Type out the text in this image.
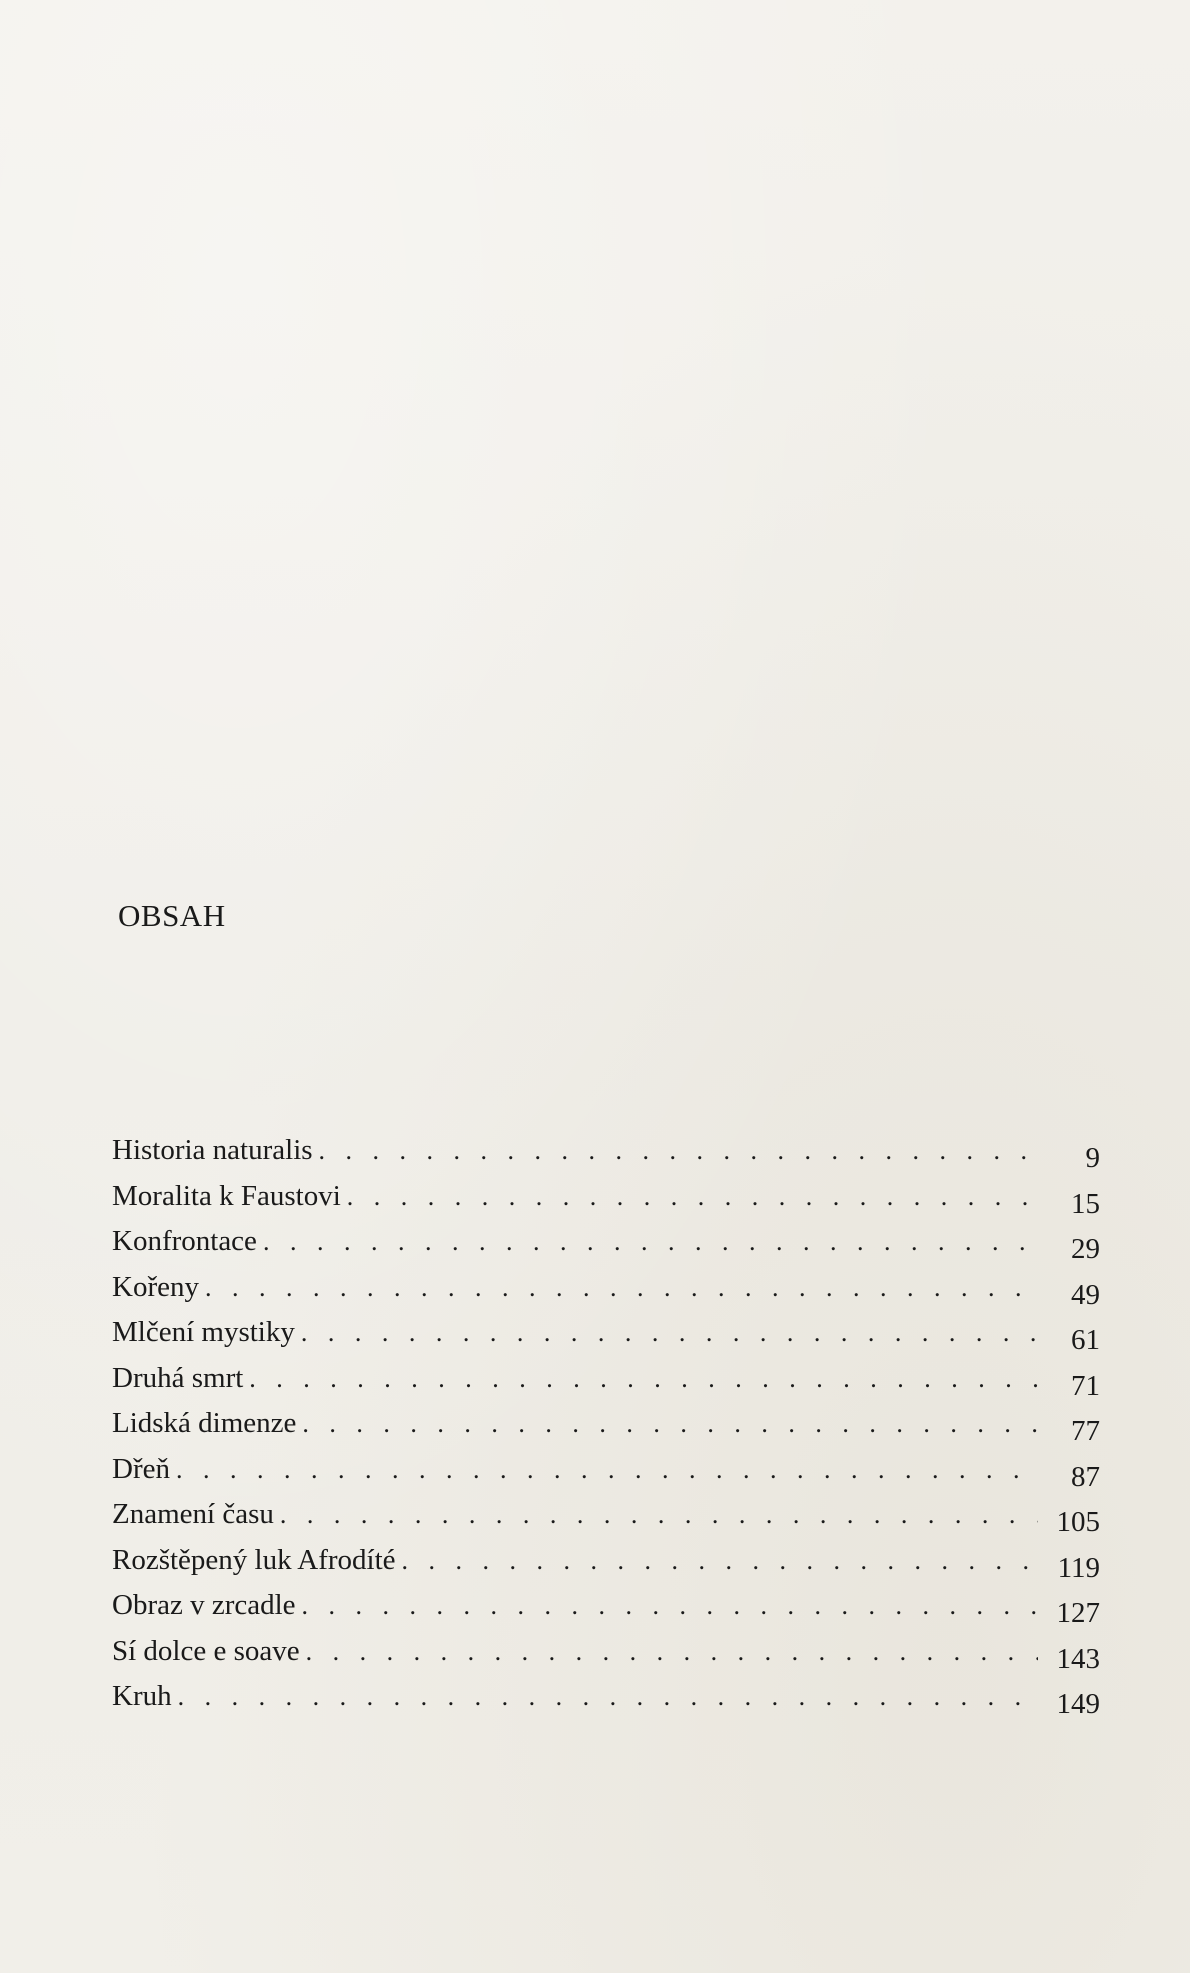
OBSAH
Historia naturalis . . .	9
Moralita k Faustovi . . .	15
Konfrontace . . .	29
Kořeny . . .	49
Mlčení mystiky . . .	61
Druhá smrt . . .	71
Lidská dimenze . . .	77
Dřeň . . .	87
Znamení času . . .	105
Rozštěpený luk Afrodíté . . .	119
Obraz v zrcadle . . .	127
Sí dolce e soave . . .	143
Kruh . . .	149
